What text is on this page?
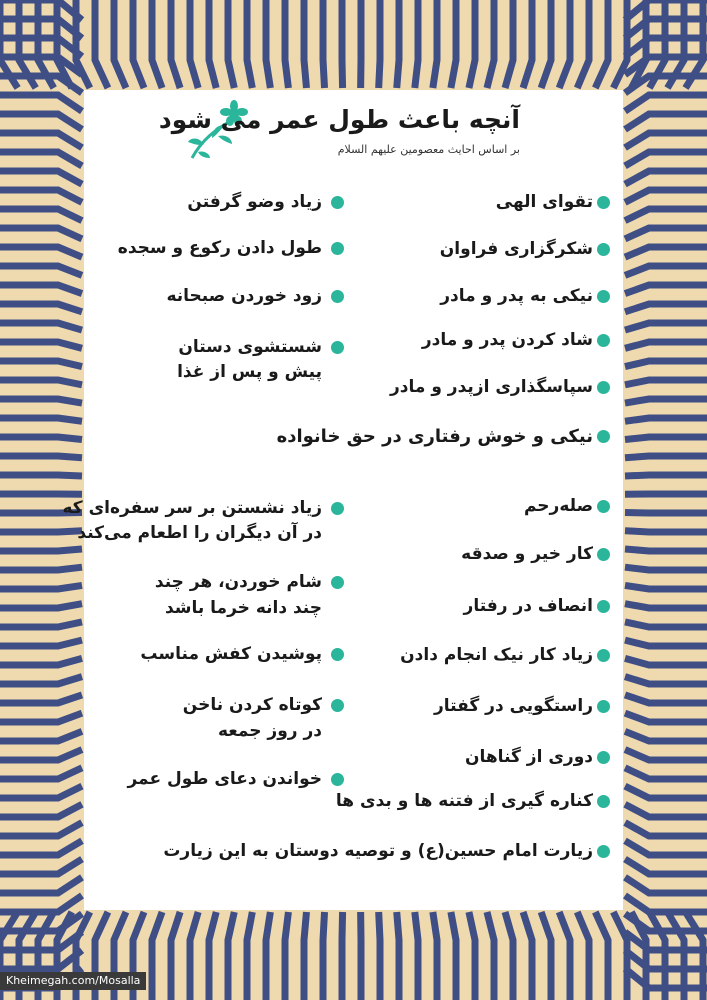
آنچه باعث طول عمر می شود
بر اساس احایث معصومین علیهم السلام
تقوای الهی
شکرگزاری فراوان
نیکی به پدر و مادر
شاد کردن پدر و مادر
سپاسگذاری ازپدر و مادر
زیاد وضو گرفتن
طول دادن رکوع و سجده
زود خوردن صبحانه
شستشوی دستان
پیش و پس از غذا
نیکی و خوش رفتاری در حق خانواده
صله‌رحم
کار خیر و صدقه
انصاف در رفتار
زیاد کار نیک انجام دادن
راستگویی در گفتار
دوری از گناهان
کناره گیری از فتنه ها و بدی ها
زیاد نشستن بر سر سفره‌ای که
در آن دیگران را اطعام می‌کند
شام خوردن، هر چند
چند دانه خرما باشد
پوشیدن کفش مناسب
کوتاه کردن ناخن
در روز جمعه
خواندن دعای طول عمر
زیارت امام حسین(ع) و توصیه دوستان به این زیارت
Kheimegah.com/Mosalla
